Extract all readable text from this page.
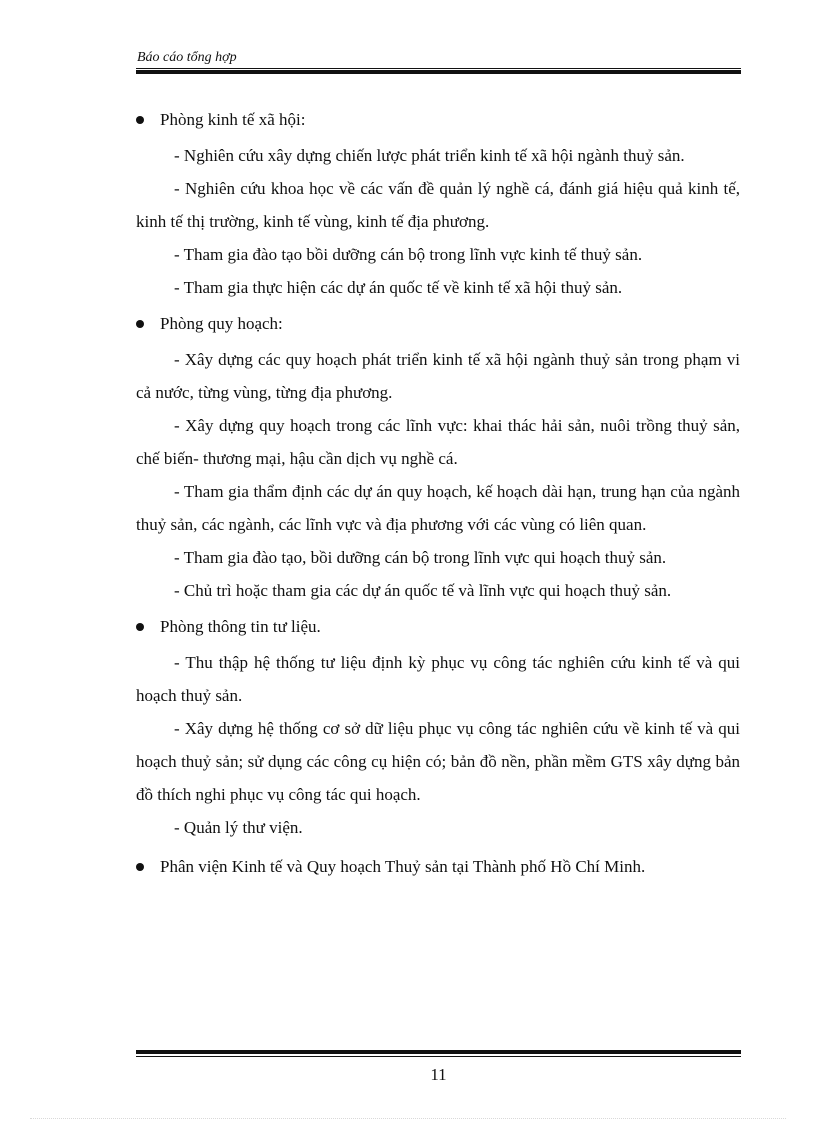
Báo cáo tổng hợp
Phòng kinh tế xã hội:
- Nghiên cứu xây dựng chiến lược phát triển kinh tế xã hội ngành thuỷ sản.
- Nghiên cứu khoa học về các vấn đề quản lý nghề cá, đánh giá hiệu quả kinh tế, kinh tế thị trường, kinh tế vùng, kinh tế địa phương.
- Tham gia đào tạo bồi dưỡng cán bộ trong lĩnh vực kinh tế thuỷ sản.
- Tham gia thực hiện các dự án quốc tế về kinh tế xã hội thuỷ sản.
Phòng quy hoạch:
- Xây dựng các quy hoạch phát triển kinh tế xã hội ngành thuỷ sản trong phạm vi cả nước, từng vùng, từng địa phương.
- Xây dựng quy hoạch trong các lĩnh vực: khai thác hải sản, nuôi trồng thuỷ sản, chế biến- thương mại, hậu cần dịch vụ nghề cá.
- Tham gia thẩm định các dự án quy hoạch, kế hoạch dài hạn, trung hạn của ngành thuỷ sản, các ngành, các lĩnh vực và địa phương với các vùng có liên quan.
- Tham gia đào tạo, bồi dưỡng cán bộ trong lĩnh vực qui hoạch thuỷ sản.
- Chủ trì hoặc tham gia các dự án quốc tế và lĩnh vực qui hoạch thuỷ sản.
Phòng thông tin tư liệu.
- Thu thập hệ thống tư liệu định kỳ phục vụ công tác nghiên cứu kinh tế và qui hoạch thuỷ sản.
- Xây dựng hệ thống cơ sở dữ liệu phục vụ công tác nghiên cứu về kinh tế và qui hoạch thuỷ sản; sử dụng các công cụ hiện có; bản đồ nền, phần mềm GTS xây dựng bản đồ thích nghi phục vụ công tác qui hoạch.
- Quản lý thư viện.
Phân viện Kinh tế và Quy hoạch Thuỷ sản tại Thành phố Hồ Chí Minh.
11
